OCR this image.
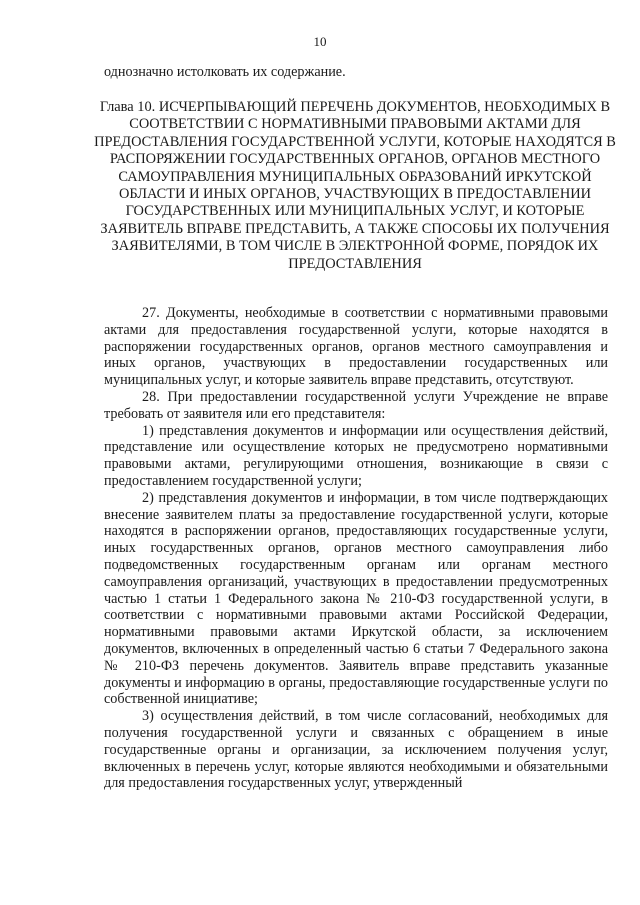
10
однозначно истолковать их содержание.
Глава 10. ИСЧЕРПЫВАЮЩИЙ ПЕРЕЧЕНЬ ДОКУМЕНТОВ, НЕОБХОДИМЫХ В СООТВЕТСТВИИ С НОРМАТИВНЫМИ ПРАВОВЫМИ АКТАМИ ДЛЯ ПРЕДОСТАВЛЕНИЯ ГОСУДАРСТВЕННОЙ УСЛУГИ, КОТОРЫЕ НАХОДЯТСЯ В РАСПОРЯЖЕНИИ ГОСУДАРСТВЕННЫХ ОРГАНОВ, ОРГАНОВ МЕСТНОГО САМОУПРАВЛЕНИЯ МУНИЦИПАЛЬНЫХ ОБРАЗОВАНИЙ ИРКУТСКОЙ ОБЛАСТИ И ИНЫХ ОРГАНОВ, УЧАСТВУЮЩИХ В ПРЕДОСТАВЛЕНИИ ГОСУДАРСТВЕННЫХ ИЛИ МУНИЦИПАЛЬНЫХ УСЛУГ, И КОТОРЫЕ ЗАЯВИТЕЛЬ ВПРАВЕ ПРЕДСТАВИТЬ, А ТАКЖЕ СПОСОБЫ ИХ ПОЛУЧЕНИЯ ЗАЯВИТЕЛЯМИ, В ТОМ ЧИСЛЕ В ЭЛЕКТРОННОЙ ФОРМЕ, ПОРЯДОК ИХ ПРЕДОСТАВЛЕНИЯ

27. Документы, необходимые в соответствии с нормативными правовыми актами для предоставления государственной услуги, которые находятся в распоряжении государственных органов, органов местного самоуправления и иных органов, участвующих в предоставлении государственных или муниципальных услуг, и которые заявитель вправе представить, отсутствуют.

28. При предоставлении государственной услуги Учреждение не вправе требовать от заявителя или его представителя:

1) представления документов и информации или осуществления действий, представление или осуществление которых не предусмотрено нормативными правовыми актами, регулирующими отношения, возникающие в связи с предоставлением государственной услуги;

2) представления документов и информации, в том числе подтверждающих внесение заявителем платы за предоставление государственной услуги, которые находятся в распоряжении органов, предоставляющих государственные услуги, иных государственных органов, органов местного самоуправления либо подведомственных государственным органам или органам местного самоуправления организаций, участвующих в предоставлении предусмотренных частью 1 статьи 1 Федерального закона № 210-ФЗ государственной услуги, в соответствии с нормативными правовыми актами Российской Федерации, нормативными правовыми актами Иркутской области, за исключением документов, включенных в определенный частью 6 статьи 7 Федерального закона № 210-ФЗ перечень документов. Заявитель вправе представить указанные документы и информацию в органы, предоставляющие государственные услуги по собственной инициативе;

3) осуществления действий, в том числе согласований, необходимых для получения государственной услуги и связанных с обращением в иные государственные органы и организации, за исключением получения услуг, включенных в перечень услуг, которые являются необходимыми и обязательными для предоставления государственных услуг, утвержденный
